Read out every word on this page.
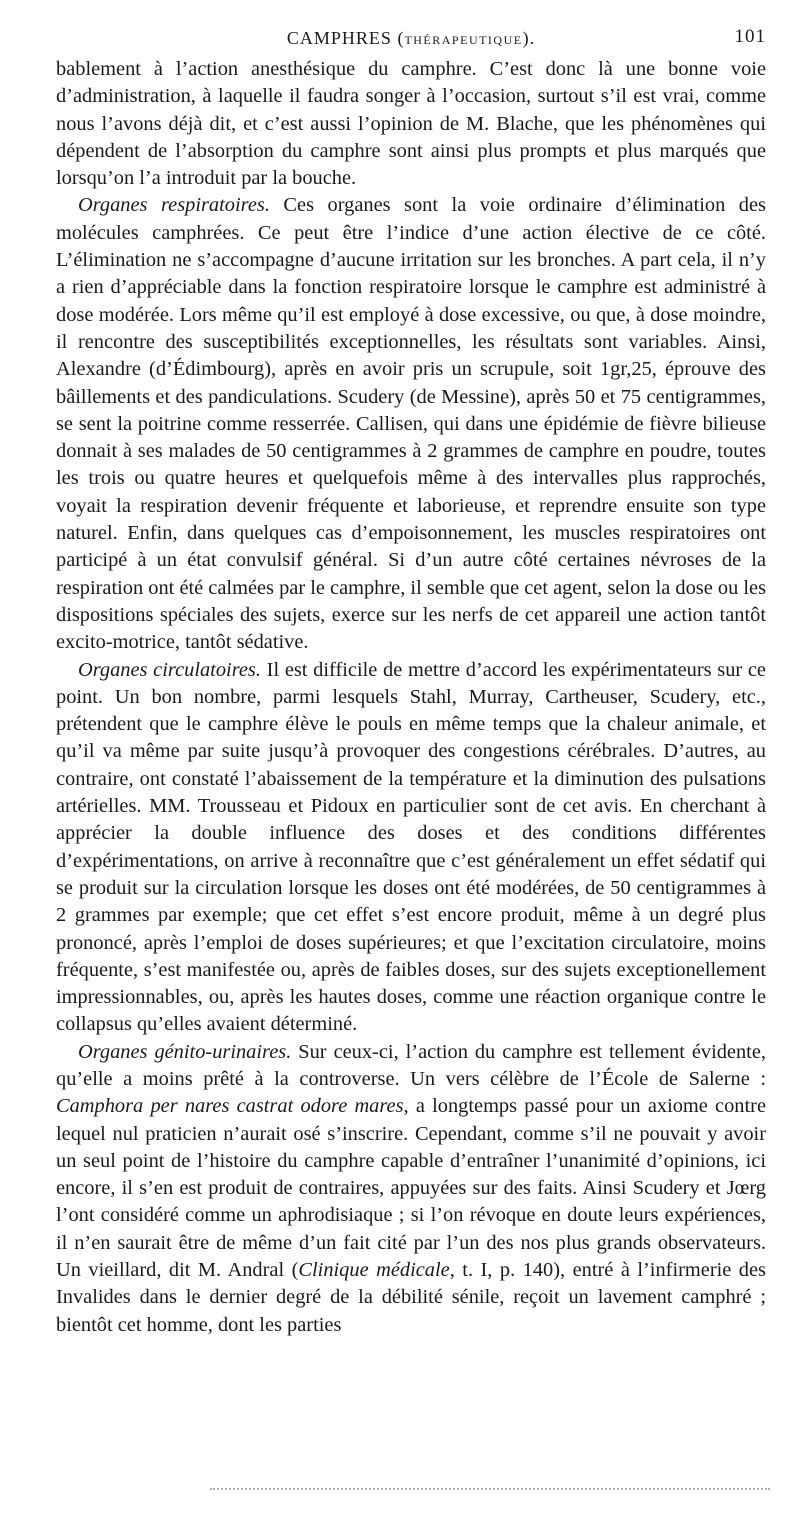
CAMPHRES (THÉRAPEUTIQUE).	101

bablement à l’action anesthésique du camphre. C’est donc là une bonne voie d’administration, à laquelle il faudra songer à l’occasion, surtout s’il est vrai, comme nous l’avons déjà dit, et c’est aussi l’opinion de M. Blache, que les phénomènes qui dépendent de l’absorption du camphre sont ainsi plus prompts et plus marqués que lorsqu’on l’a introduit par la bouche.

Organes respiratoires. Ces organes sont la voie ordinaire d’élimination des molécules camphrées. Ce peut être l’indice d’une action élective de ce côté. L’élimination ne s’accompagne d’aucune irritation sur les bronches. A part cela, il n’y a rien d’appréciable dans la fonction respiratoire lorsque le camphre est administré à dose modérée. Lors même qu’il est employé à dose excessive, ou que, à dose moindre, il rencontre des susceptibilités exceptionnelles, les résultats sont variables. Ainsi, Alexandre (d’Édimbourg), après en avoir pris un scrupule, soit 1gr,25, éprouve des bâillements et des pandiculations. Scudery (de Messine), après 50 et 75 centigrammes, se sent la poitrine comme resserrée. Callisen, qui dans une épidémie de fièvre bilieuse donnait à ses malades de 50 centigrammes à 2 grammes de camphre en poudre, toutes les trois ou quatre heures et quelquefois même à des intervalles plus rapprochés, voyait la respiration devenir fréquente et laborieuse, et reprendre ensuite son type naturel. Enfin, dans quelques cas d’empoisonnement, les muscles respiratoires ont participé à un état convulsif général. Si d’un autre côté certaines névroses de la respiration ont été calmées par le camphre, il semble que cet agent, selon la dose ou les dispositions spéciales des sujets, exerce sur les nerfs de cet appareil une action tantôt excito-motrice, tantôt sédative.

Organes circulatoires. Il est difficile de mettre d’accord les expérimentateurs sur ce point. Un bon nombre, parmi lesquels Stahl, Murray, Cartheuser, Scudery, etc., prétendent que le camphre élève le pouls en même temps que la chaleur animale, et qu’il va même par suite jusqu’à provoquer des congestions cérébrales. D’autres, au contraire, ont constaté l’abaissement de la température et la diminution des pulsations artérielles. MM. Trousseau et Pidoux en particulier sont de cet avis. En cherchant à apprécier la double influence des doses et des conditions différentes d’expérimentations, on arrive à reconnaître que c’est généralement un effet sédatif qui se produit sur la circulation lorsque les doses ont été modérées, de 50 centigrammes à 2 grammes par exemple; que cet effet s’est encore produit, même à un degré plus prononcé, après l’emploi de doses supérieures; et que l’excitation circulatoire, moins fréquente, s’est manifestée ou, après de faibles doses, sur des sujets exceptionellement impressionnables, ou, après les hautes doses, comme une réaction organique contre le collapsus qu’elles avaient déterminé.

Organes génito-urinaires. Sur ceux-ci, l’action du camphre est tellement évidente, qu’elle a moins prêté à la controverse. Un vers célèbre de l’École de Salerne : Camphora per nares castrat odore mares, a longtemps passé pour un axiome contre lequel nul praticien n’aurait osé s’inscrire. Cependant, comme s’il ne pouvait y avoir un seul point de l’histoire du camphre capable d’entraîner l’unanimité d’opinions, ici encore, il s’en est produit de contraires, appuyées sur des faits. Ainsi Scudery et Jœrg l’ont considéré comme un aphrodisiaque ; si l’on révoque en doute leurs expériences, il n’en saurait être de même d’un fait cité par l’un des nos plus grands observateurs. Un vieillard, dit M. Andral (Clinique médicale, t. I, p. 140), entré à l’infirmerie des Invalides dans le dernier degré de la débilité sénile, reçoit un lavement camphré ; bientôt cet homme, dont les parties
